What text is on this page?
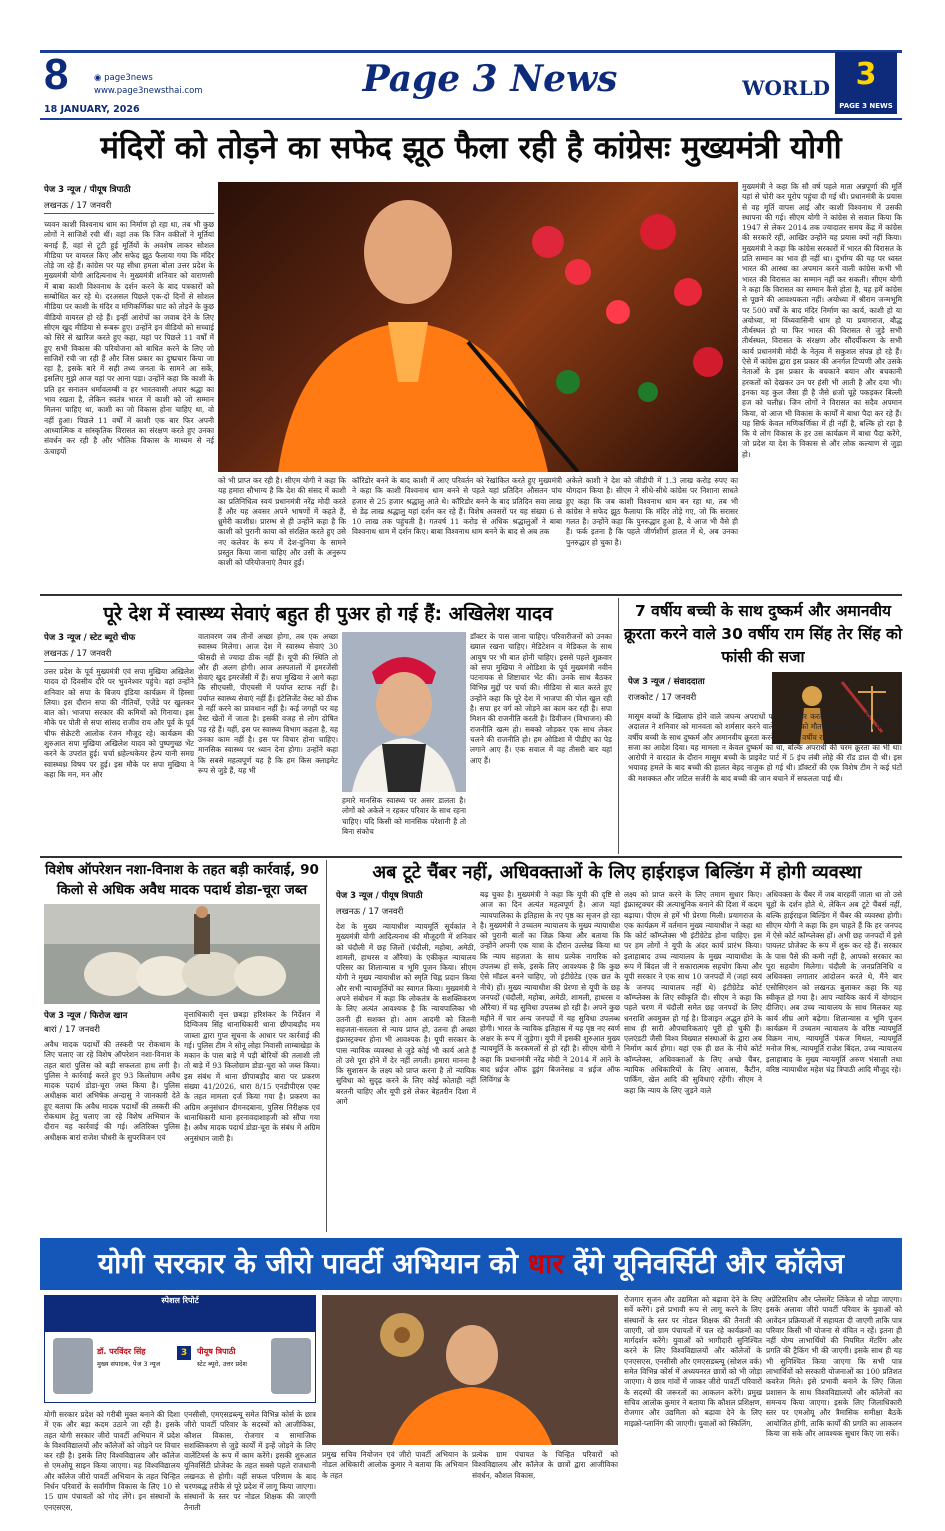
8	◉ page3news
www.page3newsthai.com
18 JANUARY, 2026
Page 3 News	WORLD 3
PAGE 3 NEWS
मंदिरों को तोड़ने का सफेद झूठ फैला रही है कांग्रेसः मुख्यमंत्री योगी
पेज 3 न्यूज / पीयूष त्रिपाठी
लखनऊ / 17 जनवरी
च्यवन काशी विश्वनाथ धाम का निर्माण हो रहा था, तब भी कुछ लोगों ने साजिशें रची थीं। वहां तक कि जिन वकीलों ने मूर्तियां बनाई हैं, वहां से टूटी हुई मूर्तियों के अवशेष लाकर सोशल मीडिया पर वायरल किए और सफेद झूठ फैलाया गया कि मंदिर तोड़े जा रहे हैं। कांग्रेस पर यह सीधा हमला बोला उत्तर प्रदेश के मुख्यमंत्री योगी आदित्यनाथ ने। मुख्यमंत्री शनिवार को वाराणसी में बाबा काशी विश्वनाथ के दर्शन करने के बाद पत्रकारों को सम्बोधित कर रहे थे। दरअसल पिछले एक-दो दिनों से सोशल मीडिया पर काशी के मंदिर व मणिकर्णिका घाट को तोड़ने के कुछ वीडियो वायरल हो रहे हैं। इन्हीं आरोपों का जवाब देने के लिए सीएम खुद मीडिया से रूबरू हुए। उन्होंने इन वीडियो को सच्चाई को सिरे से खारिज करते हुए कहा, यहां पर पिछले 11 वर्षों में हुए सभी विकास की परियोजना को बाधित करने के लिए जो साजिशें रची जा रही हैं और जिस प्रकार का दुष्प्रचार किया जा रहा है, इसके बारे में सही तथ्य जनता के सामने आ सकें, इसलिए मुझे आज यहां पर आना पड़ा। उन्होंने कहा कि काशी के प्रति हर सनातन धर्मावलम्बी व हर भारतवासी अपार श्रद्धा का भाव रखता है, लेकिन स्वतंत्र भारत में काशी को जो सम्मान मिलना चाहिए था, काशी का जो विकास होना चाहिए था, वो नहीं हुआ। पिछले 11 वर्षों में काशी एक बार फिर अपनी आध्यात्मिक व सांस्कृतिक विरासत का संरक्षण करते हुए उनका संवर्धन कर रही है और भौतिक विकास के माध्यम से नई ऊंचाइयों
को भी प्राप्त कर रही है। सीएम योगी ने कहा कि यह हमारा सौभाग्य है कि देश की संसद में काशी का प्रतिनिधित्व स्वयं प्रधानमंत्री नरेंद्र मोदी करते हैं और यह अवसर अपने भाषणों में कहते हैं, ध्रुमेरी काशीध्र। प्रारम्भ से ही उन्होंने कहा है कि काशी को पुरानी काया को संरक्षित करते हुए उसे नए कलेवर के रूप में देश-दुनिया के सामने प्रस्तुत किया जाना चाहिए और उसी के अनुरूप काशी को परियोजनाएं तैयार हुईं।
कॉरिडोर बनने के बाद काशी में आए परिवर्तन को रेखांकित करते हुए मुख्यमंत्री ने कहा कि काशी विश्वनाथ धाम बनने से पहले यहां प्रतिदिन औसतन पांच हजार से 25 हजार श्रद्धालु आते थे। कॉरिडोर बनने के बाद प्रतिदिन सवा लाख से डेढ़ लाख श्रद्धालु यहां दर्शन कर रहे हैं। विशेष अवसरों पर यह संख्या 6 से 10 लाख तक पहुंचती है। गतवर्ष 11 करोड़ से अधिक श्रद्धालुओं ने बाबा विश्वनाथ धाम में दर्शन किए। बाबा विश्वनाथ धाम बनने के बाद से अब तक
अकेले काशी ने देश को जीडीपी में 1.3 लाख करोड़ रुपए का योगदान किया है। सीएम ने सीधे-सीधे कांग्रेस पर निशाना साधते हुए कहा कि जब काशी विश्वनाथ धाम बन रहा था, तब भी कांग्रेस ने सफेद झूठ फैलाया कि मंदिर तोड़े गए, जो कि सरासर गलत है। उन्होंने कहा कि पुनरुद्धार हुआ है, ये आज भी वैसे ही हैं। फर्क इतना है कि पहले जीर्णशीर्ण हालत में थे, अब उनका पुनरुद्धार हो चुका है।
मुख्यमंत्री ने कहा कि सौ वर्ष पहले माता अन्नपूर्णा की मूर्ति यहां से चोरी कर यूरोप पहुंचा दी गई थी। प्रधानमंत्री के प्रयास से वह मूर्ति वापस आई और काशी विश्वनाथ में उसकी स्थापना की गई। सीएम योगी ने कांग्रेस से सवाल किया कि 1947 से लेकर 2014 तक ज्यादातर समय केंद्र में कांग्रेस की सरकारें रहीं, आखिर उन्होंने यह प्रयास क्यों नहीं किया। मुख्यमंत्री ने कहा कि कांग्रेस सरकारों में भारत की विरासत के प्रति सम्मान का भाव ही नहीं था। दुर्भाग्य की यह पर ध्वस्त भारत की आस्था का अपमान करने वाली कांग्रेस कभी भी भारत की विरासत का सम्मान नहीं कर सकती। सीएम योगी ने कहा कि विरासत का सम्मान कैसे होता है, यह हमें कांग्रेस से पूछने की आवश्यकता नहीं। अयोध्या में श्रीराम जन्मभूमि पर 500 वर्षों के बाद मंदिर निर्माण का कार्य, काशी हो या अयोध्या, मां विंध्यवासिनी धाम हो या प्रयागराज, बौद्ध तीर्थस्थल हो या फिर भारत की विरासत से जुड़े सभी तीर्थस्थल, विरासत के संरक्षण और सौंदर्यीकरण के सभी कार्य प्रधानमंत्री मोदी के नेतृत्व में सकुशल संपन्न हो रहे हैं। ऐसे में कांग्रेस द्वारा इस प्रकार की अनर्गल टिप्पणी और उसके नेताओं के इस प्रकार के बचकाने बयान और बचकानी हरकतों को देखकर उन पर हंसी भी आती है और दया भी। इनका यह कुल जैसा ही है जैसे ध्रजो चूहे पकड़कर बिल्ली हज को चलीध्र। जिन लोगों ने विरासत का सदैव अपमान किया, वो आज भी विकास के कार्यों में बाधा पैदा कर रहे हैं। यह सिर्फ केवल मणिकर्णिका में ही नहीं है, बल्कि हो रहा है कि ये लोग विकास के हर उस कार्यक्रम में बाधा पैदा करेंगे, जो प्रदेश या देश के विकास से और लोक कल्याण से जुड़ा हो।
पूरे देश में स्वास्थ्य सेवाएं बहुत ही पुअर हो गई हैं: अखिलेश यादव
पेज 3 न्यूज / स्टेट ब्यूरो चीफ
लखनऊ / 17 जनवरी
उत्तर प्रदेश के पूर्व मुख्यमंत्री एवं सपा मुखिया अखिलेश यादव दो दिवसीय दौरे पर भुवनेश्वर पहुंचे। वहां उन्होंने शनिवार को सपा के बिजय इंडिया कार्यक्रम में हिस्सा लिया। इस दौरान सपा की नीतियों, एजेंडे पर खुलकर बात को। भाजपा सरकार की कमियों को गिनाया। इस मौके पर पोती से सपा सांसद राजीव राय और पूर्व के पूर्व चीफ सेक्रेटरी आलोक रंजन मौजूद रहे। कार्यक्रम की शुरुआत सपा मुखिया अखिलेश यादव को पुष्पगुच्छ भेंट करने के उपरांत हुई। चर्चा ध्रहेल्थकेयर हेल्प यानी समग्र स्वास्थ्यध्र विषय पर हुई। इस मौके पर सपा मुखिया ने कहा कि मन, मन और
वातावरण जब तीनों अच्छा होगा, तब एक अच्छा स्वास्थ्य मिलेगा। आज देश में स्वास्थ्य सेवाएं 30 फीसदी से ज्यादा ठीक नहीं हैं। यूपी की स्थिति तो और ही अलग होगी। आज अस्पतालों में इमरजेंसी सेवाएं खुद इमरजेंसी में हैं। सपा मुखिया ने आगे कहा कि सीएचसी, पीएचसी में पर्याप्त स्टाफ नहीं है। पर्याप्त स्वास्थ्य सेवाएं नहीं हैं। इंटेलिजेंट वेस्ट को ठीक से नहीं करने का प्रावधान नहीं है। कई जगहों पर यह वेस्ट खेतों में जाता है। इसकी वजह से लोग दोषित पड़ रहे हैं। यहीं, इस पर स्वास्थ्य विभाग कहता है, यह उनका काम नहीं है। इस पर विचार होना चाहिए। मानसिक स्वास्थ्य पर ध्यान देना होगा। उन्होंने कहा कि सबसे महत्वपूर्ण यह है कि हम किस क्लाइमेट रूप से जुड़े हैं, यह भी
हमारे मानसिक स्वास्थ्य पर असर डालता है। लोगों को अकेले न रहकर परिवार के साथ रहना चाहिए। यदि किसी को मानसिक परेशानी है तो बिना संकोच
डॉक्टर के पास जाना चाहिए। परिवारीजनों को उनका ख्याल रखना चाहिए। मेडिटेशन व मेडिकल के साथ आयुष पर भी बात होनी चाहिए। इससे पहले शुक्रवार को सपा मुखिया ने ओडिशा के पूर्व मुख्यमंत्री नवीन पटनायक से शिष्टाचार भेंट की। उनके साथ बैठकर विभिन्न मुद्दों पर चर्चा की। मीडिया से बात करते हुए उन्होंने कहा कि पूरे देश में भाजपा की पोल खुल रही है। सपा हर वर्ग को जोड़ने का काम कर रही है। सपा मिशन की राजनीति करती है। डिवीजन (विभाजन) की राजनीति खत्म हो। सबको जोड़कर एक साथ लेकर चलने की राजनीति हो। हम ओडिशा में पीडीए का पेड़ लगाने आए हैं। एक सवाल में वह तीसरी बार यहां आए हैं।
7 वर्षीय बच्ची के साथ दुष्कर्म और अमानवीय क्रूरता करने वाले 30 वर्षीय राम सिंह तेर सिंह को फांसी की सजा
पेज 3 न्यूज / संवाददाता
राजकोट / 17 जनवरी
मासूम बच्चों के खिलाफ होने वाले जघन्य अपराधों पर कड़ा प्रहार करते हुए राजकोट की एक विशेष अदालत ने शनिवार को मानवता को शर्मसार करने वाले अपराधी को मौत की सजा सुनाई है। कोर्ट ने 7 वर्षीय बच्ची के साथ दुष्कर्म और अमानवीय क्रूरता करने वाले 30 वर्षीय राम सिंह तेर सिंह को फांसी की सजा का आदेश दिया। यह मामला न केवल दुष्कर्म का था, बल्कि अपराधी की चरम क्रूरता का भी था। आरोपी ने वारदात के दौरान मासूम बच्ची के प्राइवेट पार्ट में 5 इंच लंबी लोहे की रॉड डाल दी थी। इस भयावह हमले के बाद बच्ची की हालत बेहद नाजुक हो गई थी। डॉक्टरों की एक विशेष टीम ने कई घंटों की मशक्कत और जटिल सर्जरी के बाद बच्ची की जान बचाने में सफलता पाई थी।
विशेष ऑपरेशन नशा-विनाश के तहत बड़ी कार्रवाई, 90 किलो से अधिक अवैध मादक पदार्थ डोडा-चूरा जब्त
पेज 3 न्यूज / फिरोज खान
बारां / 17 जनवरी
अवैध मादक पदार्थों की तस्करी पर रोकथाम के लिए चलाए जा रहे विशेष ऑपरेशन नशा-विनाश के तहत बारां पुलिस को बड़ी सफलता हाथ लगी है। पुलिस ने कार्रवाई करते हुए 93 किलोग्राम अवैध मादक पदार्थ डोडा-चूरा जब्त किया है। पुलिस अधीक्षक बारां अभिषेक अन्दासु ने जानकारी देते हुए बताया कि अवैध मादक पदार्थों की तस्करी की रोकथाम हेतु चलाए जा रहे विशेष अभियान के दौरान यह कार्रवाई की गई। अतिरिक्त पुलिस अधीक्षक बारां राजेश चौधरी के सुपरविजन एवं
वृत्ताधिकारी वृत्त छबड़ा हरिशंकर के निर्देशन में दिग्विजय सिंह थानाधिकारी थाना छीपाबड़ौद मय जाब्ता द्वारा गुप्त सूचना के आधार पर कार्रवाई की गई। पुलिस टीम ने सोनू लोहा निवासी लाम्बाखेड़ा के मकान के पास बाड़े में पड़ी बोरियों की तलाशी ली तो बाड़े में 93 किलोग्राम डोडा-चूरा को जब्त किया। इस संबंध में थाना छीपाबड़ौद बारा पर प्रकरण संख्या 41/2026, धारा 8/15 एनडीपीएस एक्ट के तहत मामला दर्ज किया गया है। प्रकरण का अग्रिम अनुसंधान दीगनदबाना, पुलिस निरीक्षक एवं थानाधिकारी थाना हरनावदाशाहजी को सौंपा गया है। अवैध मादक पदार्थ डोडा-चूरा के संबंध में अग्रिम अनुसंधान जारी है।
अब टूटे चैंबर नहीं, अधिवक्ताओं के लिए हाईराइज बिल्डिंग में होगी व्यवस्था
पेज 3 न्यूज / पीयूष त्रिपाठी
लखनऊ / 17 जनवरी
देश के मुख्य न्यायाधीश न्यायमूर्ति सूर्यकांत ने मुख्यमंत्री योगी आदित्यनाथ की मौजूदगी में शनिवार को चंदौली में छह जिलों (चंदौली, महोबा, अमेठी, शामली, हाथरस व औरैया) के एकीकृत न्यायालय परिसर का शिलान्यास व भूमि पूजन किया। सीएम योगी ने मुख्य न्यायाधीश को स्मृति चिह्न प्रदान किया और सभी न्यायमूर्तियों का स्वागत किया। मुख्यमंत्री ने अपने संबोधन में कहा कि लोकतंत्र के सशक्तिकरण के लिए अत्यंत आवश्यक है कि न्यायपालिका भी उतनी ही सशक्त हो। आम आदमी को जितनी सहजता-सरलता से न्याय प्राप्त हो, उतना ही अच्छा इंफ्रास्ट्रक्चर होना भी आवश्यक है। यूपी सरकार के पास न्यायिक व्यवस्था से जुड़े कोई भी कार्य आते हैं तो उसे पूरा होने में देर नहीं लगती। हमारा मानना है कि सुशासन के लक्ष्य को प्राप्त करना है तो न्यायिक सुविधा को सुदृढ़ करने के लिए कोई कोताही नहीं बरतनी चाहिए और यूपी इसे लेकर बेहतरीन दिशा में आगे
बढ़ चुका है। मुख्यमंत्री ने कहा कि यूपी की दृष्टि से आज का दिन अत्यंत महत्वपूर्ण है। आज यहां न्यायपालिका के इतिहास के नए पृष्ठ का सृजन हो रहा है। मुख्यमंत्री ने उच्चतम न्यायालय के मुख्य न्यायाधीश को पुरानी बातों का जिक्र किया और बताया कि उन्होंने अपनी एक यात्रा के दौरान उल्लेख किया था कि न्याय सहजता के साथ प्रत्येक नागरिक को उपलब्ध हो सके, इसके लिए आवश्यक है कि कुछ ऐसे मॉडल बनने चाहिए, जो इंटीग्रेटेड (एक छत के नीचे) हों। मुख्य न्यायाधीश की प्रेरणा से यूपी के छह जनपदों (चंदौली, महोबा, अमेठी, शामली, हाथरस व औरैया) में यह सुविधा उपलब्ध हो रही है। अपने कुछ महीने में चार अन्य जनपदों में यह सुविधा उपलब्ध होगी। भारत के न्यायिक इतिहास में यह पृष्ठ नए स्वर्ण अक्षर के रूप में जुड़ेगा। यूपी में इसकी शुरुआत मुख्य न्यायमूर्ति के करकमलों से हो रही है। सीएम योगी ने कहा कि प्रधानमंत्री नरेंद्र मोदी ने 2014 में आने के बाद ध्रईज ऑफ डूइंग बिजनेसध्र व ध्रईज ऑफ लिविंगध्र के
लक्ष्य को प्राप्त करने के लिए तमाम सुधार किए। इंफ्रास्ट्रक्चर की अत्याधुनिक बनाने की दिशा में कदम बढ़ाया। पीएम से हमें भी प्रेरणा मिली। प्रयागराज के एक कार्यक्रम में वर्तमान मुख्य न्यायाधीश ने कहा था कि कोर्ट कॉम्प्लेक्स भी इंटीग्रेटेड होना चाहिए। इस पर हम लोगों ने यूपी के अंदर कार्य प्रारंभ किया। इलाहाबाद उच्च न्यायालय के मुख्य न्यायाधीश के रूप में बिंदल जी ने सकारात्मक सहयोग किया और यूपी सरकार ने एक साथ 10 जनपदों में (जहां स्वयं के जनपद न्यायालय नहीं थे) इंटीग्रेटेड कोर्ट कॉम्प्लेक्स के लिए स्वीकृति दी। सीएम ने कहा कि पहले चरण में चंदौली समेत छह जनपदों के लिए धनराशि अवमुक्त हो गई है। डिजाइन अद्भुत होने के साथ ही सारी औपचारिकताएं पूरी हो चुकी हैं। एलएंडटी जैसी विश्व विख्यात संस्थाओं के द्वारा अब निर्माण कार्य होगा। यहां एक ही छत के नीचे कोर्ट कॉम्प्लेक्स, अधिवक्ताओं के लिए अच्छे चैंबर, न्यायिक अधिकारियों के लिए आवास, कैंटीन, पार्किंग, खेल आदि की सुविधाएं रहेंगी। सीएम ने कहा कि न्याय के लिए जुड़ने वाले
अधिवक्ता के चैंबर में जब बारहवीं जाता था तो उसे चूहों के दर्शन होते थे, लेकिन अब टूटे चैंबर्स नहीं, बल्कि हाईराइज बिल्डिंग में चैंबर की व्यवस्था होगी। सीएम योगी ने कहा कि हम चाहते हैं कि हर जनपद में ऐसे कोर्ट कॉम्प्लेक्स हों। अभी छह जनपदों में इसे पायलट प्रोजेक्ट के रूप में शुरू कर रहे हैं। सरकार के पास पैसे की कमी नहीं है, आपको सरकार का पूरा सहयोग मिलेगा। चंदौली के जनप्रतिनिधि व अधिवक्ता लगातार आंदोलन करते थे, मैंने बार एसोसिएशन को लखनऊ बुलाकर कहा कि यह स्वीकृत हो गया है। आप न्यायिक कार्य में योगदान दीजिए। अब उच्च न्यायालय के साथ मिलकर यह कार्य शीघ्र आगे बढ़ेगा। शिलान्यास व भूमि पूजन कार्यक्रम में उच्चतम न्यायालय के वरिष्ठ न्यायमूर्ति विक्रम नाथ, न्यायमूर्ति पंकज मिथल, न्यायमूर्ति मनोज मिश्र, न्यायमूर्ति राजेश बिंदल, उच्च न्यायालय इलाहाबाद के मुख्य न्यायमूर्ति अरुण भंसाली तथा वरिष्ठ न्यायाधीश महेश चंद्र त्रिपाठी आदि मौजूद रहे।
योगी सरकार के जीरो पावर्टी अभियान को धार देंगे यूनिवर्सिटी और कॉलेज
स्पेशल रिपोर्ट
डॉ. परविंदर सिंह
मुख्य संपादक, पेज 3 न्यूज
3	पीयूष त्रिपाठी
स्टेट ब्यूरो, उत्तर प्रदेश
योगी सरकार प्रदेश को गरीबी मुक्त बनाने की दिशा में एक और बड़ा कदम उठाने जा रही है। इसके तहत योगी सरकार जीरो पावर्टी अभियान में प्रदेश के विश्वविद्यालयों और कॉलेजों को जोड़ने पर विचार कर रही है। इसके लिए विश्वविद्यालय और कॉलेज से एमओयू साइन किया जाएगा। यह विश्वविद्यालय और कॉलेज जीरो पावर्टी अभियान के तहत चिन्हित निर्धन परिवारों के सर्वांगीण विकास के लिए 10 से 15 ग्राम पंचायतों को गोद लेंगे। इन संस्थानों के एनएसएस,
एनसीसी, एमएसडब्ल्यू समेत विभिन्न कोर्स के छात्र जीरो पावर्टी परिवार के सदस्यों को आजीविका, कौशल विकास, रोजगार व सामाजिक सशक्तिकरण से जुड़े कार्यों में इन्हें जोड़ने के लिए वालेंटियर्स के रूप में काम करेंगे। इसकी शुरुआत यूनिवर्सिटी प्रोजेक्ट के तहत सबसे पहले राजधानी लखनऊ से होगी। वहीं सफल परिणाम के बाद चरणबद्ध तरीके से पूरे प्रदेश में लागू किया जाएगा। संस्थानों के स्तर पर नोडल शिक्षक की जाएगी तैनाती
प्रमुख सचिव नियोजन एवं जीरो पावर्टी अभियान के नोडल अधिकारी आलोक कुमार ने बताया कि अभियान के तहत
प्रत्येक ग्राम पंचायत के चिन्हित परिवारों को विश्वविद्यालय और कॉलेज के छात्रों द्वारा आजीविका संवर्धन, कौशल विकास,
रोजगार सृजन और उद्यमिता को बढ़ावा देने के लिए सर्वे करेंगे। इसे प्रभावी रूप से लागू करने के लिए संस्थानों के स्तर पर नोडल शिक्षक की तैनाती की जाएगी, जो ग्राम पंचायतों में चल रहे कार्यक्रमों का मार्गदर्शन करेंगे। युवाओं को भागीदारी सुनिश्चित करने के लिए विश्वविद्यालयों और कॉलेजों के एनएसएस, एनसीसी और एमएसडब्ल्यू (सोशल वर्क) समेत विभिन्न कोर्स में अध्ययनरत छात्रों को भी जोड़ा जाएगा। ये छात्र गांवों में जाकर जीरो पावर्टी परिवारों के सदस्यों की जरूरतों का आकलन करेंगे। प्रमुख सचिव आलोक कुमार ने बताया कि कौशल प्रशिक्षण, रोजगार और उद्यमिता को बढ़ावा देने के लिए माइक्रो-प्लानिंग की जाएगी। युवाओं को स्किलिंग,
अप्रेंटिसशिप और प्लेसमेंट लिंकेज से जोड़ा जाएगा। इसके अलावा जीरो पावर्टी परिवार के युवाओं को आवेदन प्रक्रियाओं में सहायता दी जाएगी ताकि पात्र परिवार किसी भी योजना से वंचित न रहें। इतना ही नहीं योग्य लाभार्थियों की नियमित मेंटरिंग और प्रगति की ट्रैकिंग भी की जाएगी। इसके साथ ही यह भी सुनिश्चित किया जाएगा कि सभी पात्र लाभार्थियों को सरकारी योजनाओं का 100 प्रतिशत कवरेज मिले। इसे प्रभावी बनाने के लिए जिला प्रशासन के साथ विश्वविद्यालयों और कॉलेजों का समन्वय किया जाएगा। इसके लिए जिलाधिकारी स्तर पर एमओयू और त्रैमासिक समीक्षा बैठकें आयोजित होंगी, ताकि कार्यों की प्रगति का आकलन किया जा सके और आवश्यक सुधार किए जा सकें।
